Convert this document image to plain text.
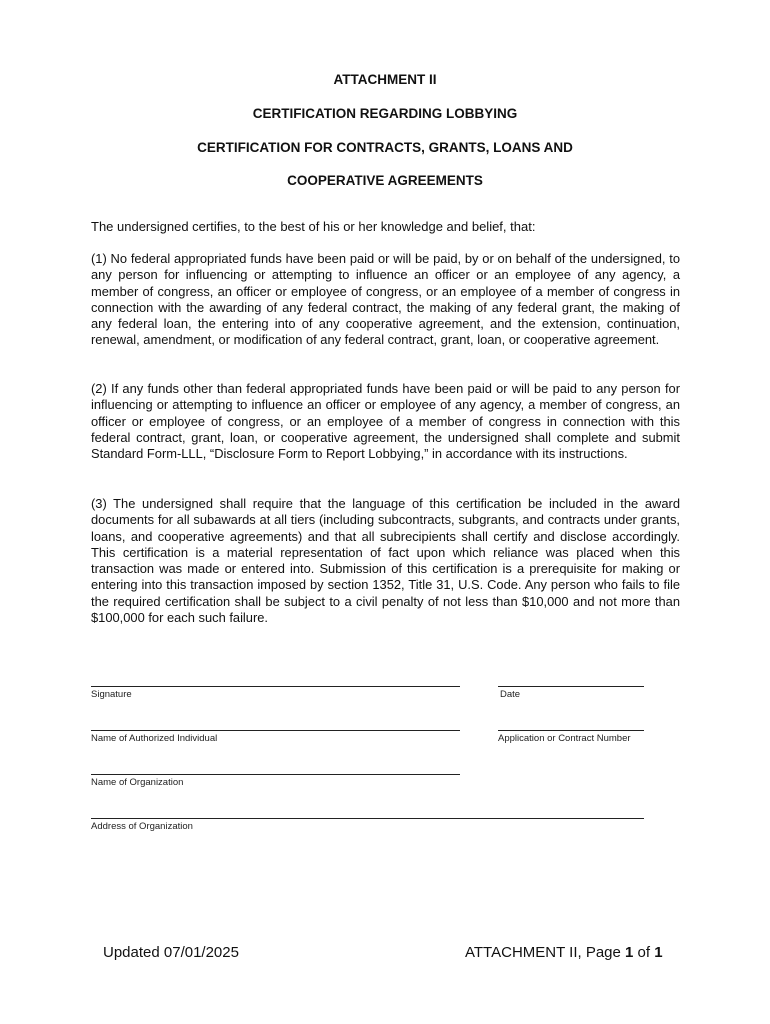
ATTACHMENT II
CERTIFICATION REGARDING LOBBYING
CERTIFICATION FOR CONTRACTS, GRANTS, LOANS AND
COOPERATIVE AGREEMENTS

The undersigned certifies, to the best of his or her knowledge and belief, that:

(1) No federal appropriated funds have been paid or will be paid, by or on behalf of the undersigned, to any person for influencing or attempting to influence an officer or an employee of any agency, a member of congress, an officer or employee of congress, or an employee of a member of congress in connection with the awarding of any federal contract, the making of any federal grant, the making of any federal loan, the entering into of any cooperative agreement, and the extension, continuation, renewal, amendment, or modification of any federal contract, grant, loan, or cooperative agreement.

(2) If any funds other than federal appropriated funds have been paid or will be paid to any person for influencing or attempting to influence an officer or employee of any agency, a member of congress, an officer or employee of congress, or an employee of a member of congress in connection with this federal contract, grant, loan, or cooperative agreement, the undersigned shall complete and submit Standard Form-LLL, “Disclosure Form to Report Lobbying,” in accordance with its instructions.

(3) The undersigned shall require that the language of this certification be included in the award documents for all subawards at all tiers (including subcontracts, subgrants, and contracts under grants, loans, and cooperative agreements) and that all subrecipients shall certify and disclose accordingly. This certification is a material representation of fact upon which reliance was placed when this transaction was made or entered into. Submission of this certification is a prerequisite for making or entering into this transaction imposed by section 1352, Title 31, U.S. Code. Any person who fails to file the required certification shall be subject to a civil penalty of not less than $10,000 and not more than $100,000 for each such failure.

Signature	Date
Name of Authorized Individual	Application or Contract Number
Name of Organization
Address of Organization
Updated 07/01/2025	ATTACHMENT II, Page 1 of 1
